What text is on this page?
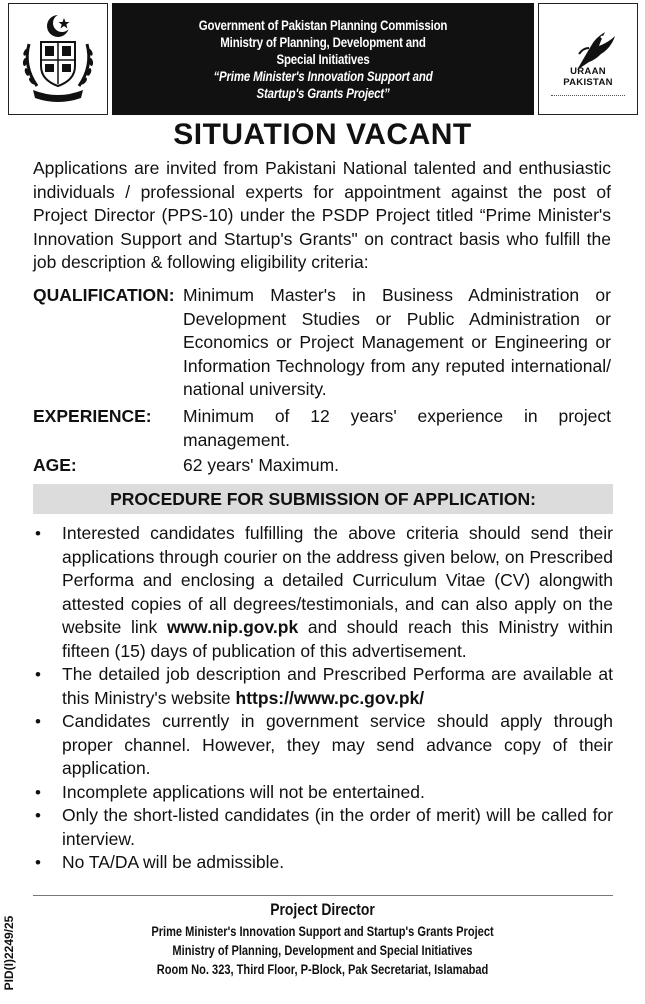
Government of Pakistan Planning Commission
Ministry of Planning, Development and
Special Initiatives
“Prime Minister's Innovation Support and
Startup's Grants Project”
URAAN
PAKISTAN
SITUATION VACANT
Applications are invited from Pakistani National talented and enthusiastic individuals / professional experts for appointment against the post of Project Director (PPS-10) under the PSDP Project titled “Prime Minister's Innovation Support and Startup's Grants" on contract basis who fulfill the job description & following eligibility criteria:
QUALIFICATION: Minimum Master's in Business Administration or Development Studies or Public Administration or Economics or Project Management or Engineering or Information Technology from any reputed international/ national university.
EXPERIENCE: Minimum of 12 years' experience in project management.
AGE:	62 years' Maximum.
PROCEDURE FOR SUBMISSION OF APPLICATION:
• Interested candidates fulfilling the above criteria should send their applications through courier on the address given below, on Prescribed Performa and enclosing a detailed Curriculum Vitae (CV) alongwith attested copies of all degrees/testimonials, and can also apply on the website link www.nip.gov.pk and should reach this Ministry within fifteen (15) days of publication of this advertisement.
• The detailed job description and Prescribed Performa are available at this Ministry's website https://www.pc.gov.pk/
• Candidates currently in government service should apply through proper channel. However, they may send advance copy of their application.
• Incomplete applications will not be entertained.
• Only the short-listed candidates (in the order of merit) will be called for interview.
• No TA/DA will be admissible.
Project Director
Prime Minister's Innovation Support and Startup's Grants Project
Ministry of Planning, Development and Special Initiatives
Room No. 323, Third Floor, P-Block, Pak Secretariat, Islamabad
PID(I)2249/25
